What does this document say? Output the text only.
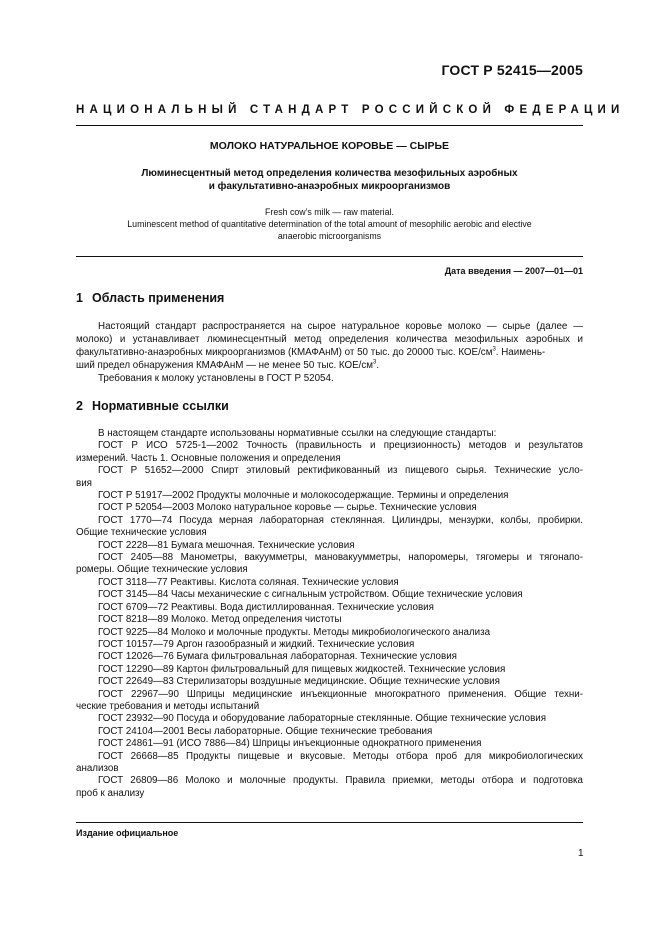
ГОСТ Р 52415—2005
НАЦИОНАЛЬНЫЙ СТАНДАРТ РОССИЙСКОЙ ФЕДЕРАЦИИ
МОЛОКО НАТУРАЛЬНОЕ КОРОВЬЕ — СЫРЬЕ
Люминесцентный метод определения количества мезофильных аэробных
и факультативно-анаэробных микроорганизмов
Fresh cow’s milk — raw material.
Luminescent method of quantitative determination of the total amount of mesophilic aerobic and elective
anaerobic microorganisms
Дата введения — 2007—01—01
1 Область применения
Настоящий стандарт распространяется на сырое натуральное коровье молоко — сырье (далее —
молоко) и устанавливает люминесцентный метод определения количества мезофильных аэробных и
факультативно-анаэробных микроорганизмов (КМАФАнМ) от 50 тыс. до 20000 тыс. КОЕ/$см^3$. Наимень-
ший предел обнаружения КМАФАнМ — не менее 50 тыс. КОЕ/$см^3$.
Требования к молоку установлены в ГОСТ Р 52054.
2 Нормативные ссылки
В настоящем стандарте использованы нормативные ссылки на следующие стандарты:
ГОСТ Р ИСО 5725-1—2002 Точность (правильность и прецизионность) методов и результатов
измерений. Часть 1. Основные положения и определения
ГОСТ Р 51652—2000 Спирт этиловый ректификованный из пищевого сырья. Технические усло-
вия
ГОСТ Р 51917—2002 Продукты молочные и молокосодержащие. Термины и определения
ГОСТ Р 52054—2003 Молоко натуральное коровье — сырье. Технические условия
ГОСТ 1770—74 Посуда мерная лабораторная стеклянная. Цилиндры, мензурки, колбы, пробирки.
Общие технические условия
ГОСТ 2228—81 Бумага мешочная. Технические условия
ГОСТ 2405—88 Манометры, вакуумметры, мановакуумметры, напоромеры, тягомеры и тягонапо-
ромеры. Общие технические условия
ГОСТ 3118—77 Реактивы. Кислота соляная. Технические условия
ГОСТ 3145—84 Часы механические с сигнальным устройством. Общие технические условия
ГОСТ 6709—72 Реактивы. Вода дистиллированная. Технические условия
ГОСТ 8218—89 Молоко. Метод определения чистоты
ГОСТ 9225—84 Молоко и молочные продукты. Методы микробиологического анализа
ГОСТ 10157—79 Аргон газообразный и жидкий. Технические условия
ГОСТ 12026—76 Бумага фильтровальная лабораторная. Технические условия
ГОСТ 12290—89 Картон фильтровальный для пищевых жидкостей. Технические условия
ГОСТ 22649—83 Стерилизаторы воздушные медицинские. Общие технические условия
ГОСТ 22967—90 Шприцы медицинские инъекционные многократного применения. Общие техни-
ческие требования и методы испытаний
ГОСТ 23932—90 Посуда и оборудование лабораторные стеклянные. Общие технические условия
ГОСТ 24104—2001 Весы лабораторные. Общие технические требования
ГОСТ 24861—91 (ИСО 7886—84) Шприцы инъекционные однократного применения
ГОСТ 26668—85 Продукты пищевые и вкусовые. Методы отбора проб для микробиологических
анализов
ГОСТ 26809—86 Молоко и молочные продукты. Правила приемки, методы отбора и подготовка
проб к анализу
Издание официальное
1
